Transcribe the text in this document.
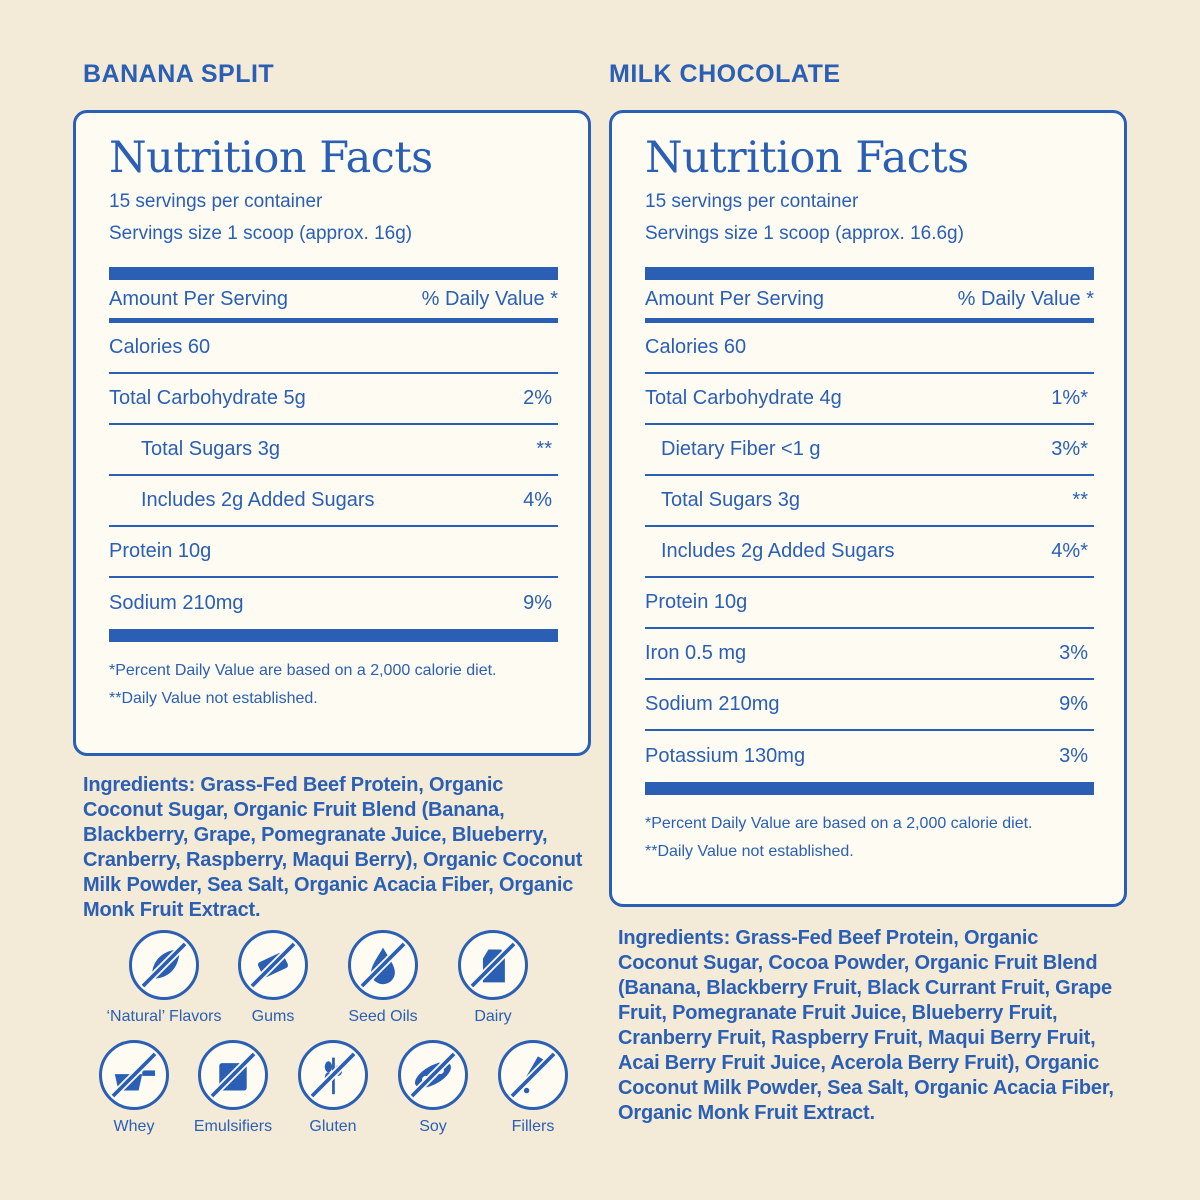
BANANA SPLIT
Nutrition Facts
15 servings per container
Servings size 1 scoop (approx. 16g)
Amount Per Serving	% Daily Value *
Calories 60
Total Carbohydrate 5g	2%
Total Sugars 3g	**
Includes 2g Added Sugars	4%
Protein 10g
Sodium 210mg	9%
*Percent Daily Value are based on a 2,000 calorie diet.
**Daily Value not established.
Ingredients: Grass-Fed Beef Protein, Organic Coconut Sugar, Organic Fruit Blend (Banana, Blackberry, Grape, Pomegranate Juice, Blueberry, Cranberry, Raspberry, Maqui Berry), Organic Coconut Milk Powder, Sea Salt, Organic Acacia Fiber, Organic Monk Fruit Extract.
‘Natural’ Flavors	Gums	Seed Oils	Dairy
Whey	Emulsifiers	Gluten	Soy	Fillers
MILK CHOCOLATE
Nutrition Facts
15 servings per container
Servings size 1 scoop (approx. 16.6g)
Amount Per Serving	% Daily Value *
Calories 60
Total Carbohydrate 4g	1%*
Dietary Fiber <1 g	3%*
Total Sugars 3g	**
Includes 2g Added Sugars	4%*
Protein 10g
Iron 0.5 mg	3%
Sodium 210mg	9%
Potassium 130mg	3%
*Percent Daily Value are based on a 2,000 calorie diet.
**Daily Value not established.
Ingredients: Grass-Fed Beef Protein, Organic Coconut Sugar, Cocoa Powder, Organic Fruit Blend (Banana, Blackberry Fruit, Black Currant Fruit, Grape Fruit, Pomegranate Fruit Juice, Blueberry Fruit, Cranberry Fruit, Raspberry Fruit, Maqui Berry Fruit, Acai Berry Fruit Juice, Acerola Berry Fruit), Organic Coconut Milk Powder, Sea Salt, Organic Acacia Fiber, Organic Monk Fruit Extract.
